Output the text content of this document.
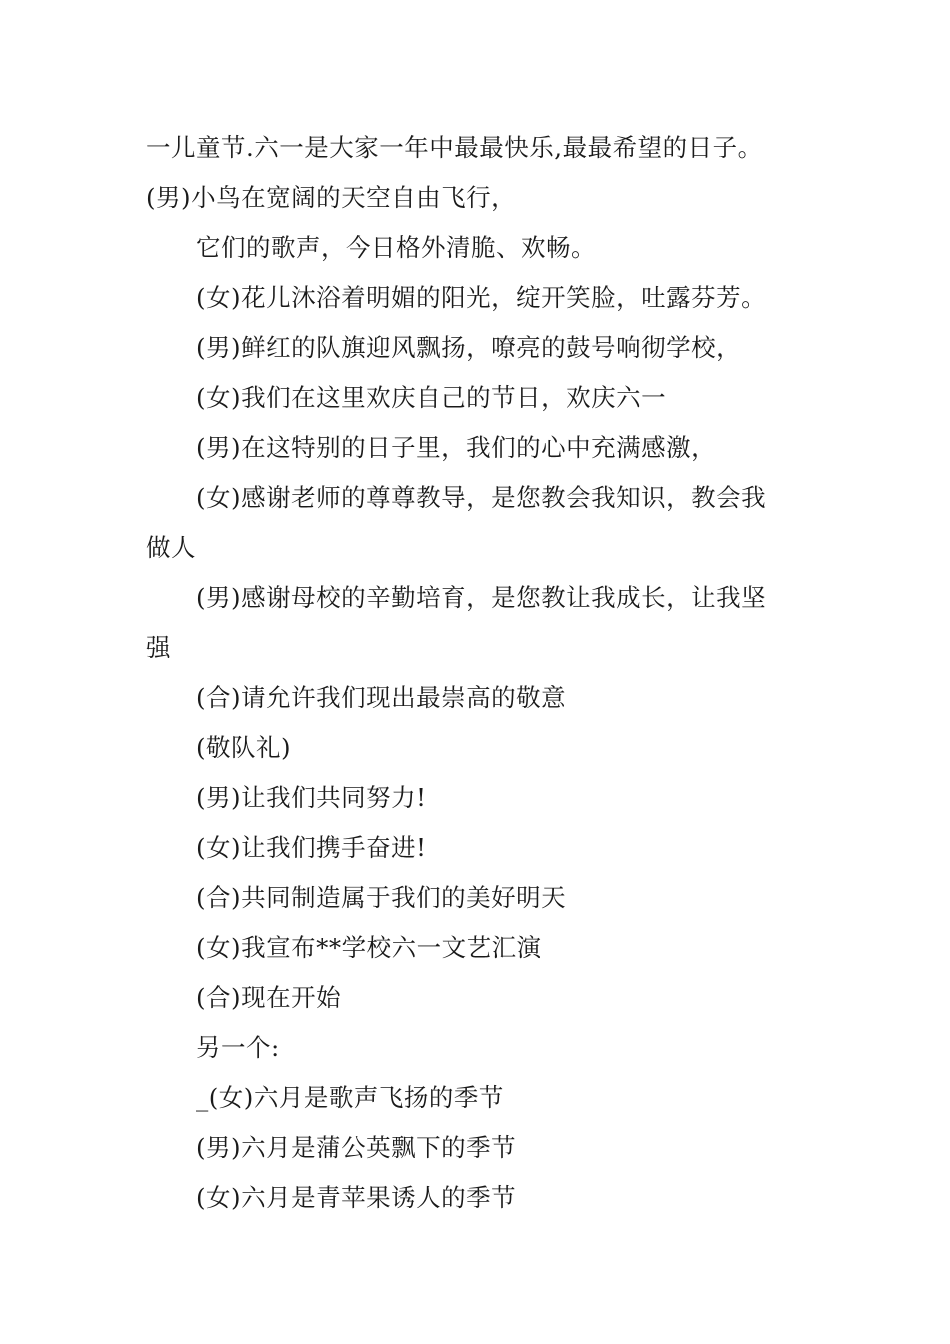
一儿童节.六一是大家一年中最最快乐,最最希望的日子。
(男)小鸟在宽阔的天空自由飞行，
它们的歌声，今日格外清脆、欢畅。
(女)花儿沐浴着明媚的阳光，绽开笑脸，吐露芬芳。
(男)鲜红的队旗迎风飘扬，嘹亮的鼓号响彻学校，
(女)我们在这里欢庆自己的节日，欢庆六一
(男)在这特别的日子里，我们的心中充满感激，
(女)感谢老师的尊尊教导，是您教会我知识，教会我
做人
(男)感谢母校的辛勤培育，是您教让我成长，让我坚
强
(合)请允许我们现出最崇高的敬意
(敬队礼)
(男)让我们共同努力!
(女)让我们携手奋进!
(合)共同制造属于我们的美好明天
(女)我宣布**学校六一文艺汇演
(合)现在开始
另一个:
_(女)六月是歌声飞扬的季节
(男)六月是蒲公英飘下的季节
(女)六月是青苹果诱人的季节
